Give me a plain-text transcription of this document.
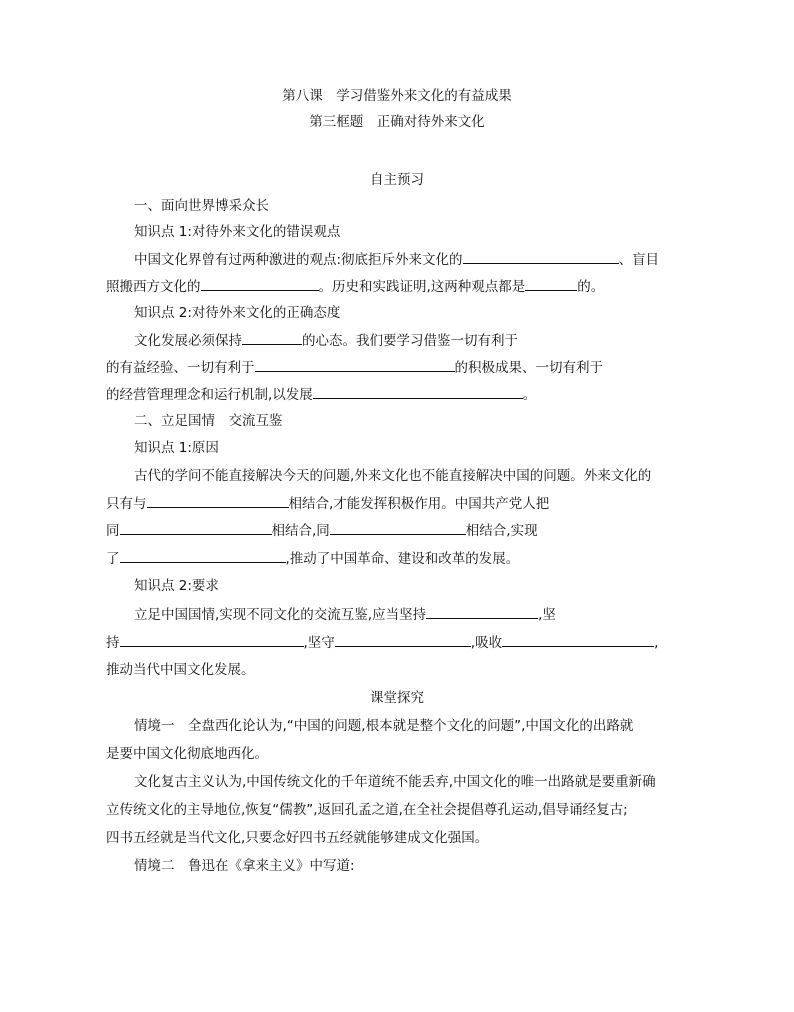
第八课　学习借鉴外来文化的有益成果
第三框题　正确对待外来文化
自主预习
一、面向世界博采众长
知识点 1:对待外来文化的错误观点
中国文化界曾有过两种激进的观点:彻底拒斥外来文化的	、盲目
照搬西方文化的	。历史和实践证明,这两种观点都是	的。
知识点 2:对待外来文化的正确态度
文化发展必须保持	的心态。我们要学习借鉴一切有利于
的有益经验、一切有利于	的积极成果、一切有利于
的经营管理理念和运行机制,以发展	。
二、立足国情　交流互鉴
知识点 1:原因
古代的学问不能直接解决今天的问题,外来文化也不能直接解决中国的问题。外来文化的
只有与	相结合,才能发挥积极作用。中国共产党人把
同	相结合,同	相结合,实现
了	,推动了中国革命、建设和改革的发展。
知识点 2:要求
立足中国国情,实现不同文化的交流互鉴,应当坚持	,坚
持	,坚守	,吸收	,
推动当代中国文化发展。
课堂探究
情境一　全盘西化论认为,“中国的问题,根本就是整个文化的问题”,中国文化的出路就
是要中国文化彻底地西化。
文化复古主义认为,中国传统文化的千年道统不能丢弃,中国文化的唯一出路就是要重新确
立传统文化的主导地位,恢复“儒教”,返回孔孟之道,在全社会提倡尊孔运动,倡导诵经复古;
四书五经就是当代文化,只要念好四书五经就能够建成文化强国。
情境二　鲁迅在《拿来主义》中写道:
